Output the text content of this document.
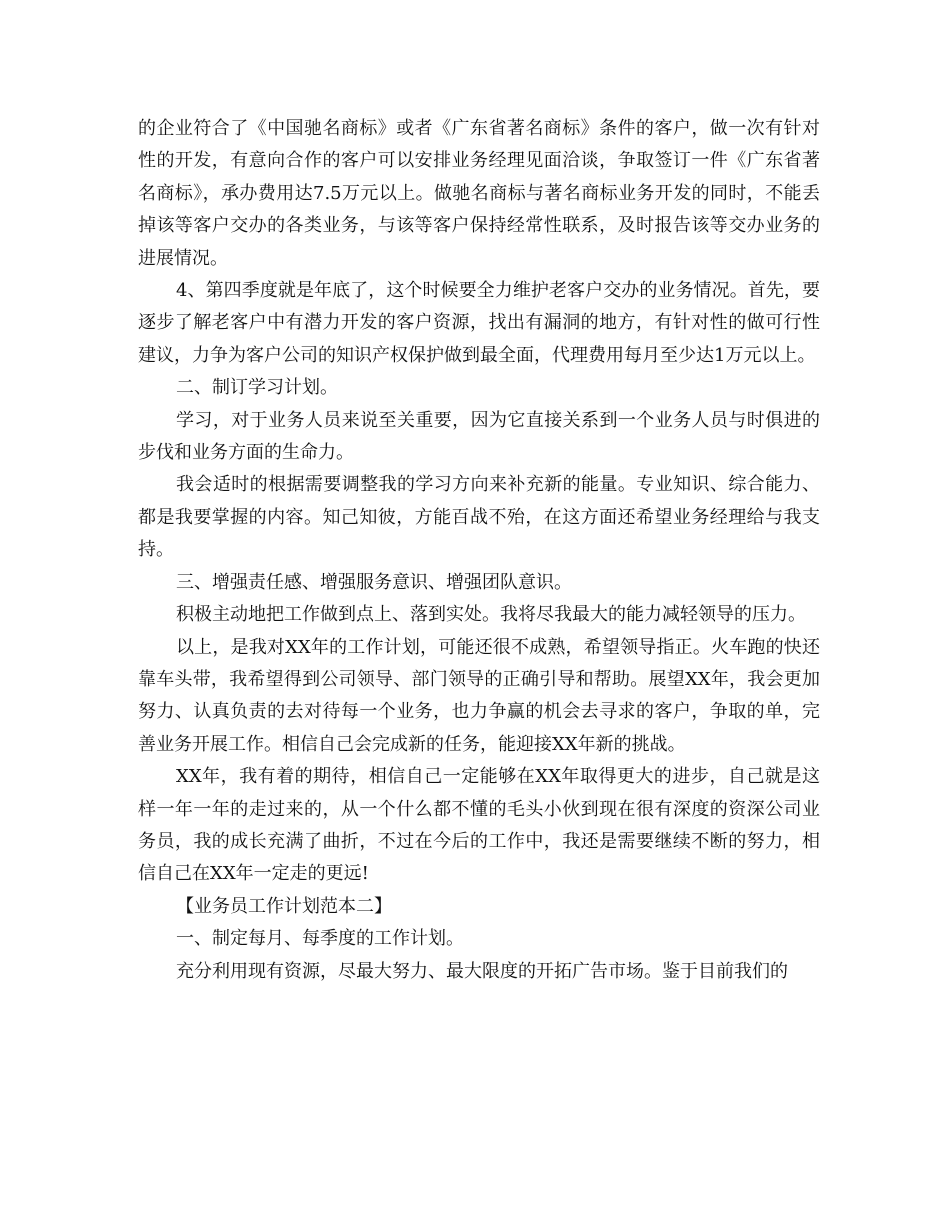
的企业符合了《中国驰名商标》或者《广东省著名商标》条件的客户，做一次有针对性的开发，有意向合作的客户可以安排业务经理见面洽谈，争取签订一件《广东省著名商标》，承办费用达7.5万元以上。做驰名商标与著名商标业务开发的同时，不能丢掉该等客户交办的各类业务，与该等客户保持经常性联系，及时报告该等交办业务的进展情况。

4、第四季度就是年底了，这个时候要全力维护老客户交办的业务情况。首先，要逐步了解老客户中有潜力开发的客户资源，找出有漏洞的地方，有针对性的做可行性建议，力争为客户公司的知识产权保护做到最全面，代理费用每月至少达1万元以上。

二、制订学习计划。

学习，对于业务人员来说至关重要，因为它直接关系到一个业务人员与时俱进的步伐和业务方面的生命力。

我会适时的根据需要调整我的学习方向来补充新的能量。专业知识、综合能力、都是我要掌握的内容。知己知彼，方能百战不殆，在这方面还希望业务经理给与我支持。

三、增强责任感、增强服务意识、增强团队意识。

积极主动地把工作做到点上、落到实处。我将尽我最大的能力减轻领导的压力。

以上，是我对XX年的工作计划，可能还很不成熟，希望领导指正。火车跑的快还靠车头带，我希望得到公司领导、部门领导的正确引导和帮助。展望XX年，我会更加努力、认真负责的去对待每一个业务，也力争赢的机会去寻求的客户，争取的单，完善业务开展工作。相信自己会完成新的任务，能迎接XX年新的挑战。

XX年，我有着的期待，相信自己一定能够在XX年取得更大的进步，自己就是这样一年一年的走过来的，从一个什么都不懂的毛头小伙到现在很有深度的资深公司业务员，我的成长充满了曲折，不过在今后的工作中，我还是需要继续不断的努力，相信自己在XX年一定走的更远!

【业务员工作计划范本二】

一、制定每月、每季度的工作计划。

充分利用现有资源，尽最大努力、最大限度的开拓广告市场。鉴于目前我们的
